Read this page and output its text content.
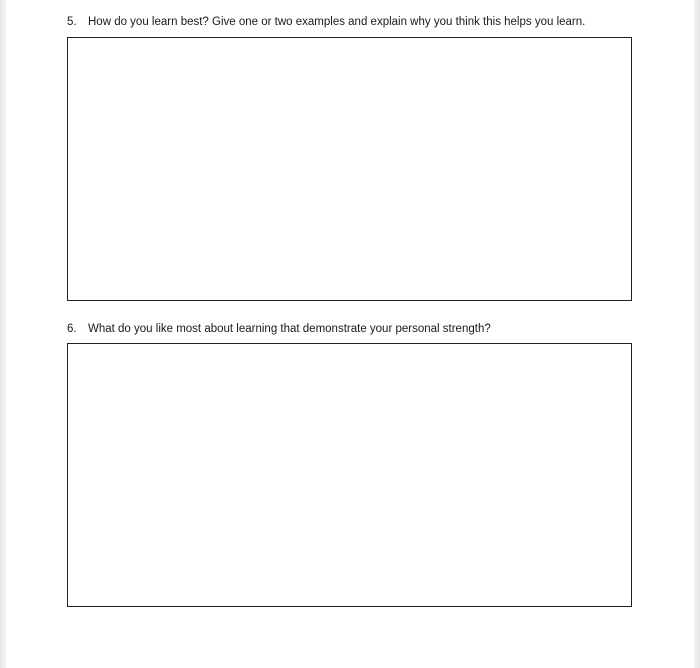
5. How do you learn best? Give one or two examples and explain why you think this helps you learn.
6. What do you like most about learning that demonstrate your personal strength?
